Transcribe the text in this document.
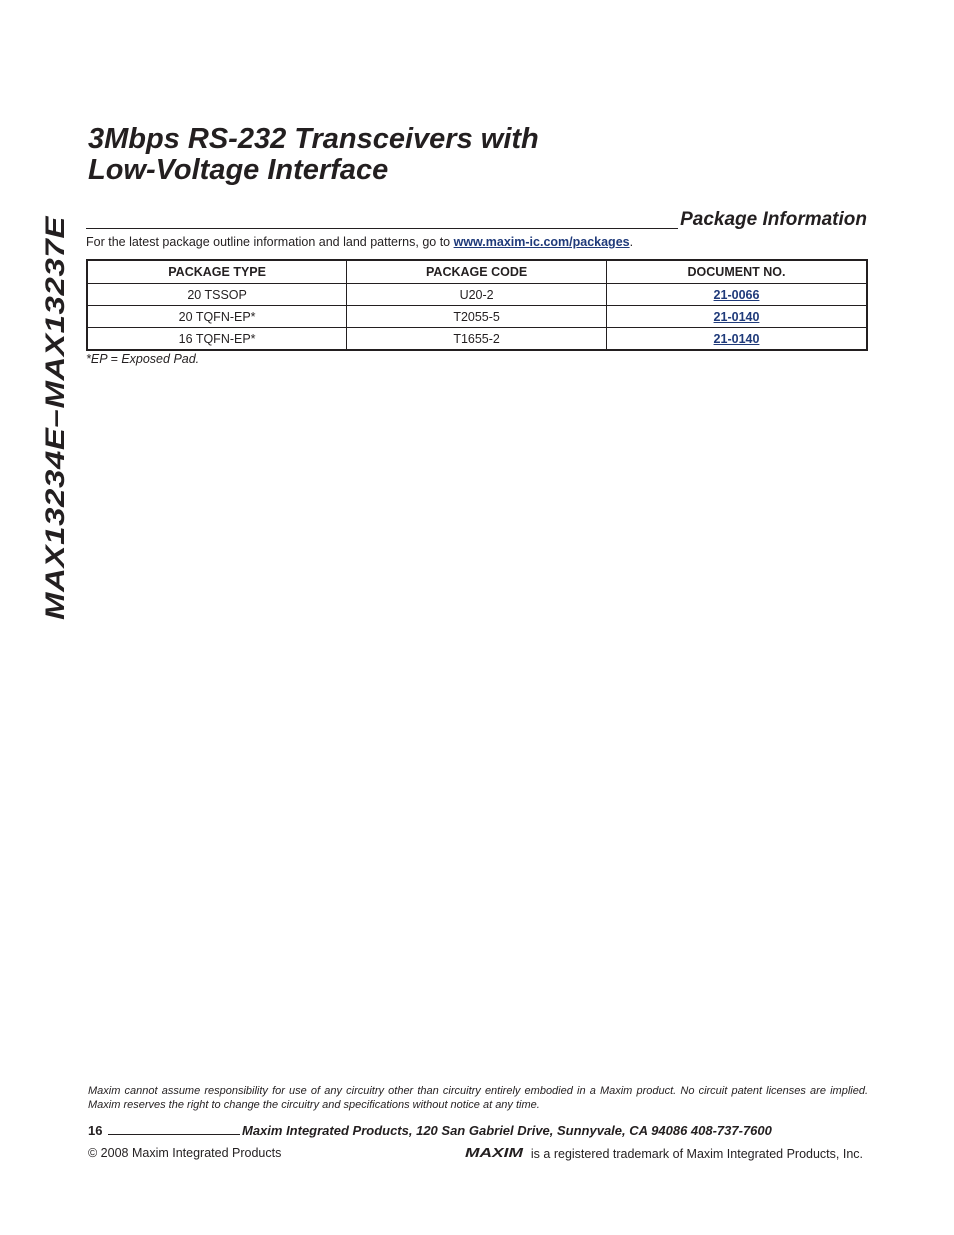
MAX13234E–MAX13237E
3Mbps RS-232 Transceivers with
Low-Voltage Interface
Package Information
For the latest package outline information and land patterns, go to www.maxim-ic.com/packages.
PACKAGE TYPE	PACKAGE CODE	DOCUMENT NO.
20 TSSOP	U20-2	21-0066
20 TQFN-EP*	T2055-5	21-0140
16 TQFN-EP*	T1655-2	21-0140
*EP = Exposed Pad.

Maxim cannot assume responsibility for use of any circuitry other than circuitry entirely embodied in a Maxim product. No circuit patent licenses are implied. Maxim reserves the right to change the circuitry and specifications without notice at any time.

16	Maxim Integrated Products, 120 San Gabriel Drive, Sunnyvale, CA 94086 408-737-7600
© 2008 Maxim Integrated Products	MAXIM is a registered trademark of Maxim Integrated Products, Inc.
